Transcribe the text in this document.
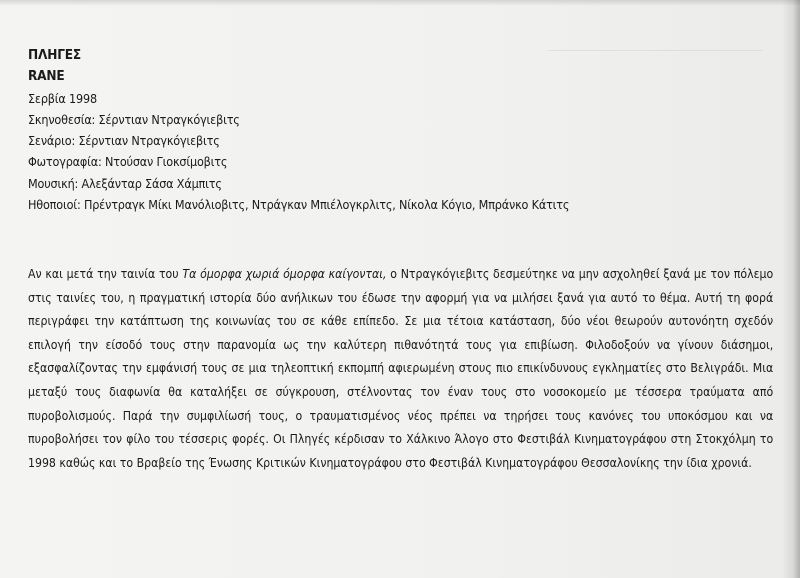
ΠΛΗΓΕΣ
RANE
Σερβία 1998
Σκηνοθεσία: Σέρντιαν Ντραγκόγιεβιτς
Σενάριο: Σέρντιαν Ντραγκόγιεβιτς
Φωτογραφία: Ντούσαν Γιοκσίμοβιτς
Μουσική: Αλεξάνταρ Σάσα Χάμπιτς
Ηθοποιοί: Πρέντραγκ Μίκι Μανόλιοβιτς, Ντράγκαν Μπιέλογκρλιτς, Νίκολα Κόγιο, Μπράνκο Κάτιτς

Αν και μετά την ταινία του Τα όμορφα χωριά όμορφα καίγονται, ο Ντραγκόγιεβιτς δεσμεύτηκε να μην ασχοληθεί ξανά με τον πόλεμο στις ταινίες του, η πραγματική ιστορία δύο ανήλικων του έδωσε την αφορμή για να μιλήσει ξανά για αυτό το θέμα. Αυτή τη φορά περιγράφει την κατάπτωση της κοινωνίας του σε κάθε επίπεδο. Σε μια τέτοια κατάσταση, δύο νέοι θεωρούν αυτονόητη σχεδόν επιλογή την είσοδό τους στην παρανομία ως την καλύτερη πιθανότητά τους για επιβίωση. Φιλοδοξούν να γίνουν διάσημοι, εξασφαλίζοντας την εμφάνισή τους σε μια τηλεοπτική εκπομπή αφιερωμένη στους πιο επικίνδυνους εγκληματίες στο Βελιγράδι. Μια μεταξύ τους διαφωνία θα καταλήξει σε σύγκρουση, στέλνοντας τον έναν τους στο νοσοκομείο με τέσσερα τραύματα από πυροβολισμούς. Παρά την συμφιλίωσή τους, ο τραυματισμένος νέος πρέπει να τηρήσει τους κανόνες του υποκόσμου και να πυροβολήσει τον φίλο του τέσσερις φορές. Οι Πληγές κέρδισαν το Χάλκινο Άλογο στο Φεστιβάλ Κινηματογράφου στη Στοκχόλμη το 1998 καθώς και το Βραβείο της Ένωσης Κριτικών Κινηματογράφου στο Φεστιβάλ Κινηματογράφου Θεσσαλονίκης την ίδια χρονιά.
